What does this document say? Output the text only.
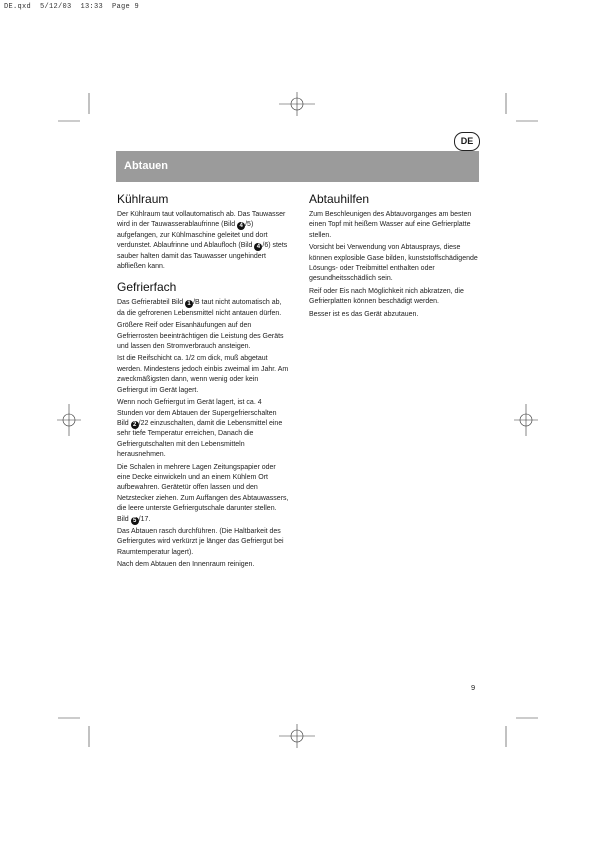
DE.qxd  5/12/03  13:33  Page 9
DE
Abtauen
Kühlraum

Der Kühlraum taut vollautomatisch ab. Das Tauwasser wird in der Tauwasserablaufrinne (Bild 4 /5) aufgefangen, zur Kühlmaschine geleitet und dort verdunstet. Ablaufrinne und Ablaufloch (Bild 4 /6) stets sauber halten damit das Tauwasser ungehindert abfließen kann.

Gefrierfach

Das Gefrierabteil Bild 1 /B taut nicht automatisch ab, da die gefrorenen Lebensmittel nicht antauen dürfen.

Größere Reif oder Eisanhäufungen auf den Gefrierrosten beeinträchtigen die Leistung des Geräts und lassen den Stromverbrauch ansteigen.

Ist die Reifschicht ca. 1/2 cm dick, muß abgetaut werden. Mindestens jedoch einbis zweimal im Jahr. Am zweckmäßigsten dann, wenn wenig oder kein Gefriergut im Gerät lagert.

Wenn noch Gefriergut im Gerät lagert, ist ca. 4 Stunden vor dem Abtauen der Supergefrierschalten Bild 2 /22 einzuschalten, damit die Lebensmittel eine sehr tiefe Temperatur erreichen, Danach die Gefriergutschalten mit den Lebensmitteln herausnehmen.

Die Schalen in mehrere Lagen Zeitungspapier oder eine Decke einwickeln und an einem Kühlem Ort aufbewahren. Gerätetür offen lassen und den Netzstecker ziehen. Zum Auffangen des Abtauwassers, die leere unterste Gefriergutschale darunter stellen. Bild 5 /17.

Das Abtauen rasch durchführen. (Die Haltbarkeit des Gefriergutes wird verkürzt je länger das Gefriergut bei Raumtemperatur lagert).

Nach dem Abtauen den Innenraum reinigen.

Abtauhilfen

Zum Beschleunigen des Abtauvorganges am besten einen Topf mit heißem Wasser auf eine Gefrierplatte stellen.

Vorsicht bei Verwendung von Abtausprays, diese können explosible Gase bilden, kunststoffschädigende Lösungs- oder Treibmittel enthalten oder gesundheitsschädlich sein.

Reif oder Eis nach Möglichkeit nich abkratzen, die Gefrierplatten können beschädigt werden.

Besser ist es das Gerät abzutauen.

9
